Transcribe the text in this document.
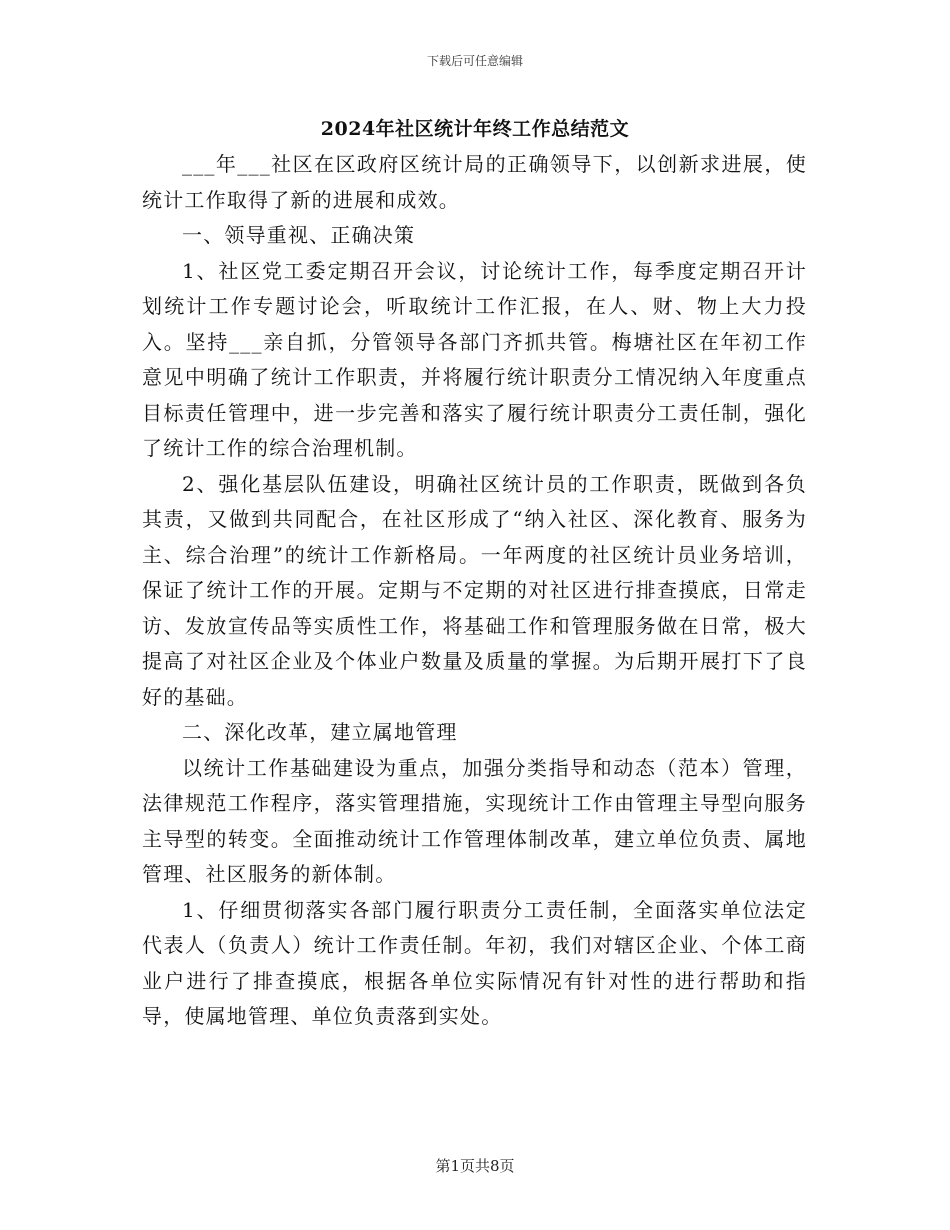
下载后可任意编辑
2024年社区统计年终工作总结范文

___年___社区在区政府区统计局的正确领导下，以创新求进展，使统计工作取得了新的进展和成效。

一、领导重视、正确决策

1、社区党工委定期召开会议，讨论统计工作，每季度定期召开计划统计工作专题讨论会，听取统计工作汇报，在人、财、物上大力投入。坚持___亲自抓，分管领导各部门齐抓共管。梅塘社区在年初工作意见中明确了统计工作职责，并将履行统计职责分工情况纳入年度重点目标责任管理中，进一步完善和落实了履行统计职责分工责任制，强化了统计工作的综合治理机制。

2、强化基层队伍建设，明确社区统计员的工作职责，既做到各负其责，又做到共同配合，在社区形成了“纳入社区、深化教育、服务为主、综合治理”的统计工作新格局。一年两度的社区统计员业务培训，保证了统计工作的开展。定期与不定期的对社区进行排查摸底，日常走访、发放宣传品等实质性工作，将基础工作和管理服务做在日常，极大提高了对社区企业及个体业户数量及质量的掌握。为后期开展打下了良好的基础。

二、深化改革，建立属地管理

以统计工作基础建设为重点，加强分类指导和动态（范本）管理，法律规范工作程序，落实管理措施，实现统计工作由管理主导型向服务主导型的转变。全面推动统计工作管理体制改革，建立单位负责、属地管理、社区服务的新体制。

1、仔细贯彻落实各部门履行职责分工责任制，全面落实单位法定代表人（负责人）统计工作责任制。年初，我们对辖区企业、个体工商业户进行了排查摸底，根据各单位实际情况有针对性的进行帮助和指导，使属地管理、单位负责落到实处。

第1页共8页
